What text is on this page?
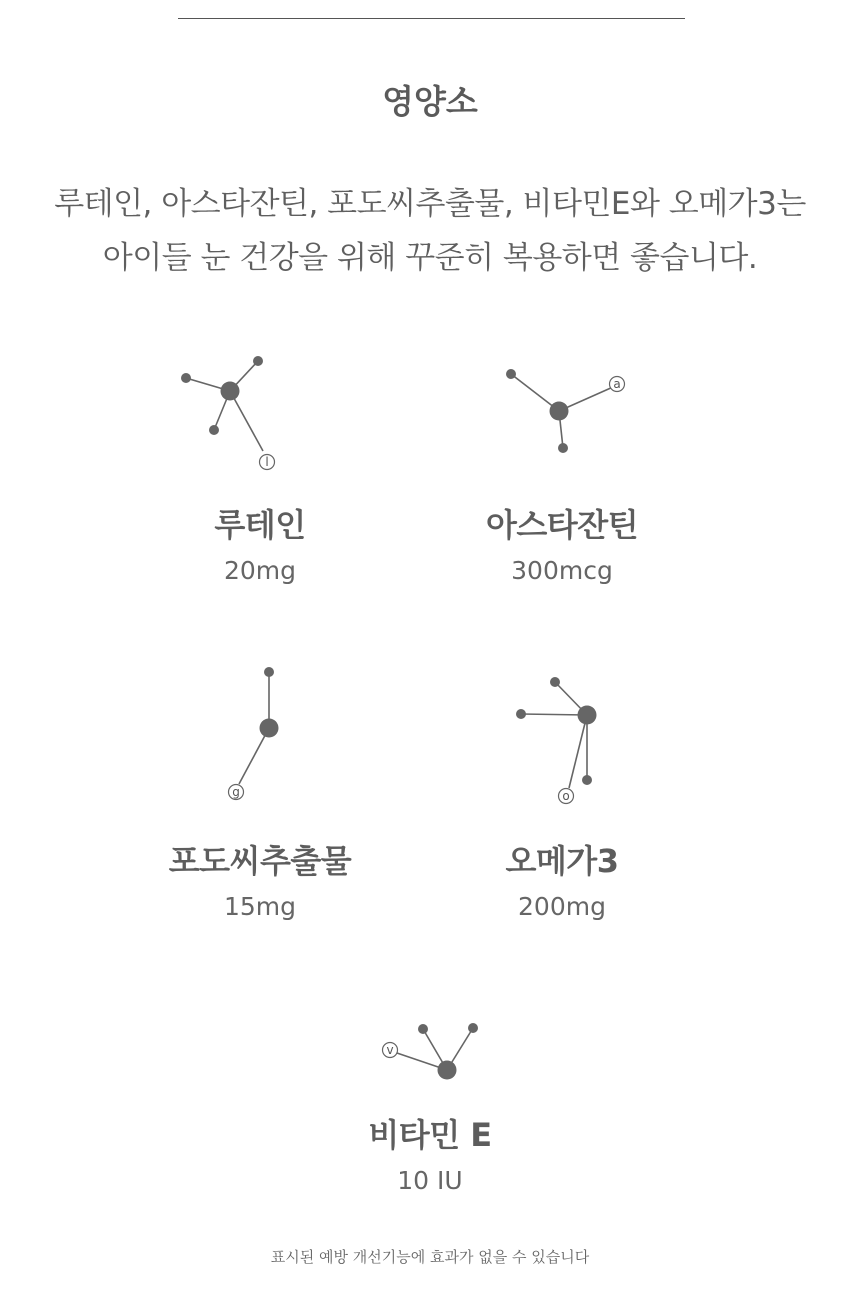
영양소
루테인, 아스타잔틴, 포도씨추출물, 비타민E와 오메가3는
아이들 눈 건강을 위해 꾸준히 복용하면 좋습니다.
l
루테인
20mg
a
아스타잔틴
300mcg
g
포도씨추출물
15mg
o
오메가3
200mg
v
비타민 E
10 IU
표시된 예방 개선기능에 효과가 없을 수 있습니다
